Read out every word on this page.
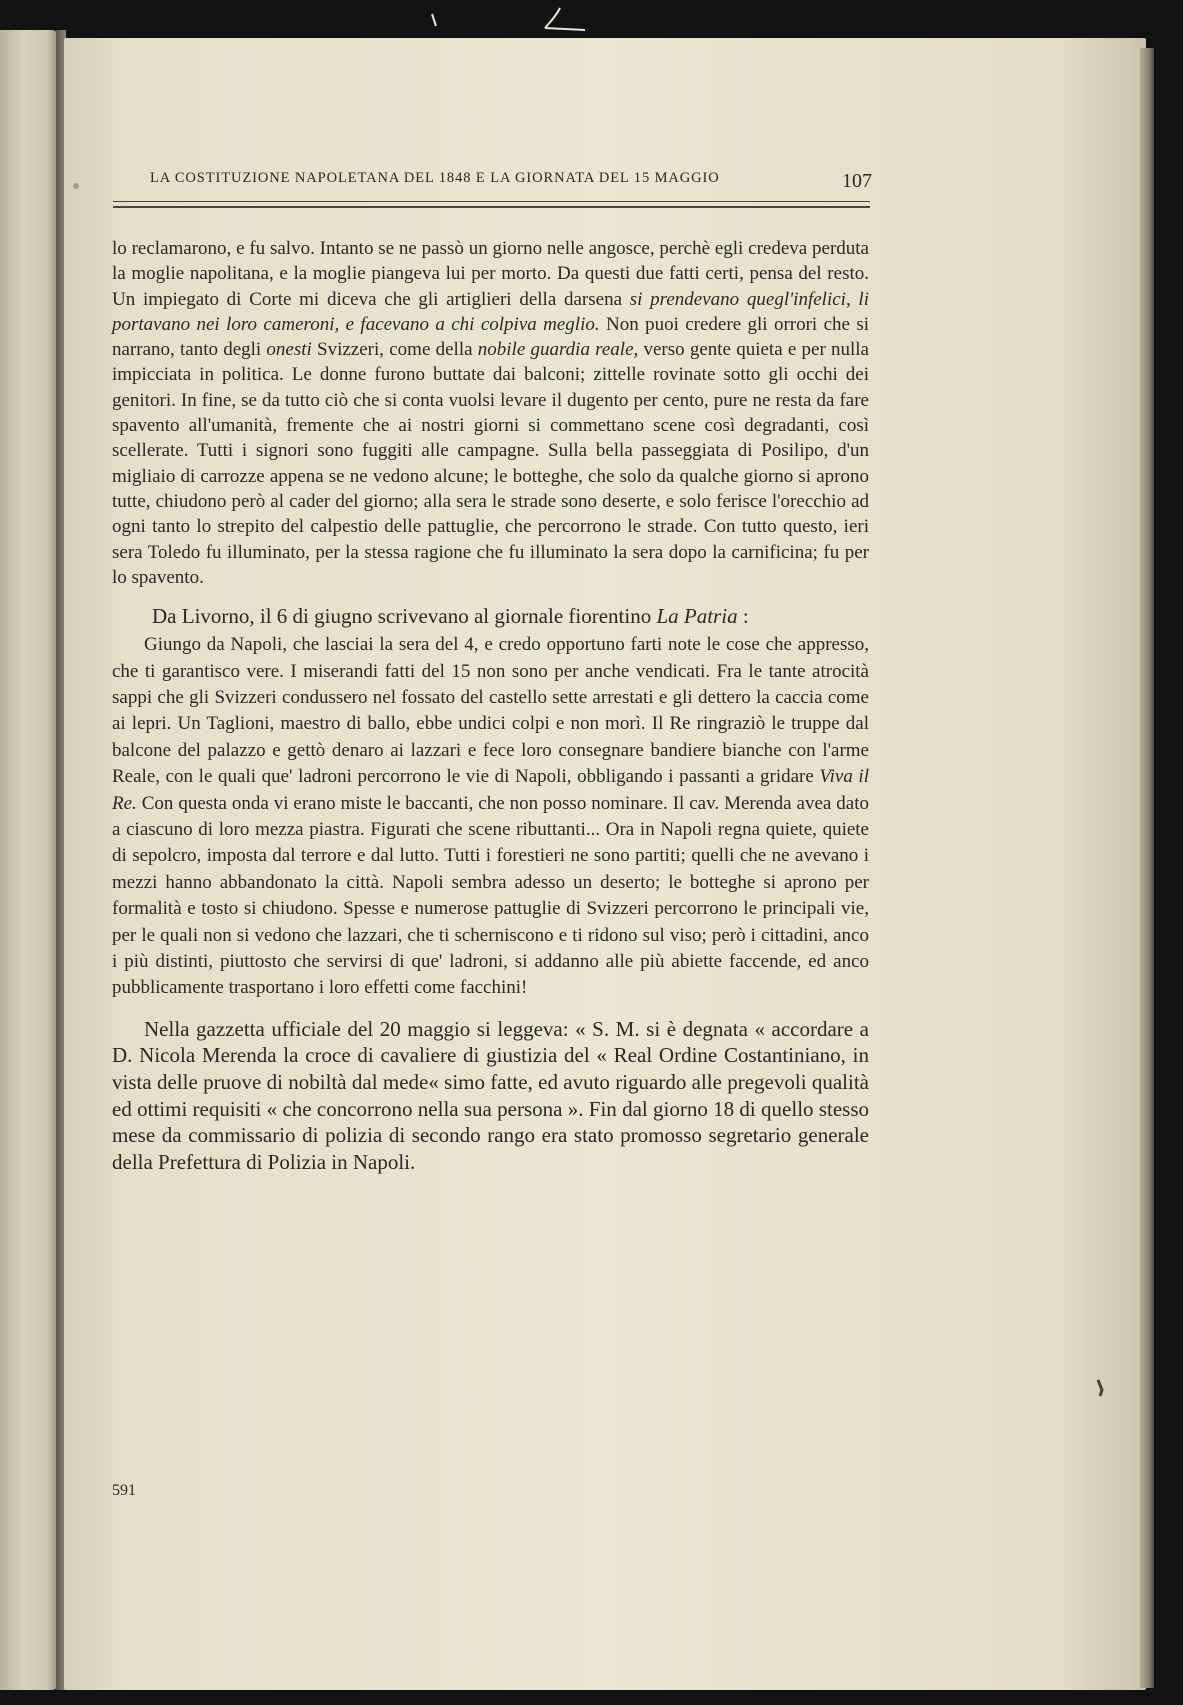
LA COSTITUZIONE NAPOLETANA DEL 1848 E LA GIORNATA DEL 15 MAGGIO	107

lo reclamarono, e fu salvo. Intanto se ne passò un giorno nelle angosce, perchè egli credeva perduta la moglie napolitana, e la moglie piangeva lui per morto. Da questi due fatti certi, pensa del resto. Un impiegato di Corte mi diceva che gli artiglieri della darsena si prendevano quegl'infelici, li portavano nei loro cameroni, e facevano a chi colpiva meglio. Non puoi credere gli orrori che si narrano, tanto degli onesti Svizzeri, come della nobile guardia reale, verso gente quieta e per nulla impicciata in politica. Le donne furono buttate dai balconi; zittelle rovinate sotto gli occhi dei genitori. In fine, se da tutto ciò che si conta vuolsi levare il dugento per cento, pure ne resta da fare spavento all'umanità, fremente che ai nostri giorni si commettano scene così degradanti, così scellerate. Tutti i signori sono fuggiti alle campagne. Sulla bella passeggiata di Posilipo, d'un migliaio di carrozze appena se ne vedono alcune; le botteghe, che solo da qualche giorno si aprono tutte, chiudono però al cader del giorno; alla sera le strade sono deserte, e solo ferisce l'orecchio ad ogni tanto lo strepito del calpestio delle pattuglie, che percorrono le strade. Con tutto questo, ieri sera Toledo fu illuminato, per la stessa ragione che fu illuminato la sera dopo la carnificina; fu per lo spavento.

Da Livorno, il 6 di giugno scrivevano al giornale fiorentino La Patria :

Giungo da Napoli, che lasciai la sera del 4, e credo opportuno farti note le cose che appresso, che ti garantisco vere. I miserandi fatti del 15 non sono per anche vendicati. Fra le tante atrocità sappi che gli Svizzeri condussero nel fossato del castello sette arrestati e gli dettero la caccia come ai lepri. Un Taglioni, maestro di ballo, ebbe undici colpi e non morì. Il Re ringraziò le truppe dal balcone del palazzo e gettò denaro ai lazzari e fece loro consegnare bandiere bianche con l'arme Reale, con le quali que' ladroni percorrono le vie di Napoli, obbligando i passanti a gridare Viva il Re. Con questa onda vi erano miste le baccanti, che non posso nominare. Il cav. Merenda avea dato a ciascuno di loro mezza piastra. Figurati che scene ributtanti... Ora in Napoli regna quiete, quiete di sepolcro, imposta dal terrore e dal lutto. Tutti i forestieri ne sono partiti; quelli che ne avevano i mezzi hanno abbandonato la città. Napoli sembra adesso un deserto; le botteghe si aprono per formalità e tosto si chiudono. Spesse e numerose pattuglie di Svizzeri percorrono le principali vie, per le quali non si vedono che lazzari, che ti scherniscono e ti ridono sul viso; però i cittadini, anco i più distinti, piuttosto che servirsi di que' ladroni, si addanno alle più abiette faccende, ed anco pubblicamente trasportano i loro effetti come facchini!

Nella gazzetta ufficiale del 20 maggio si leggeva: « S. M. si è degnata « accordare a D. Nicola Merenda la croce di cavaliere di giustizia del « Real Ordine Costantiniano, in vista delle pruove di nobiltà dal mede« simo fatte, ed avuto riguardo alle pregevoli qualità ed ottimi requisiti « che concorrono nella sua persona ». Fin dal giorno 18 di quello stesso mese da commissario di polizia di secondo rango era stato promosso segretario generale della Prefettura di Polizia in Napoli.

591
